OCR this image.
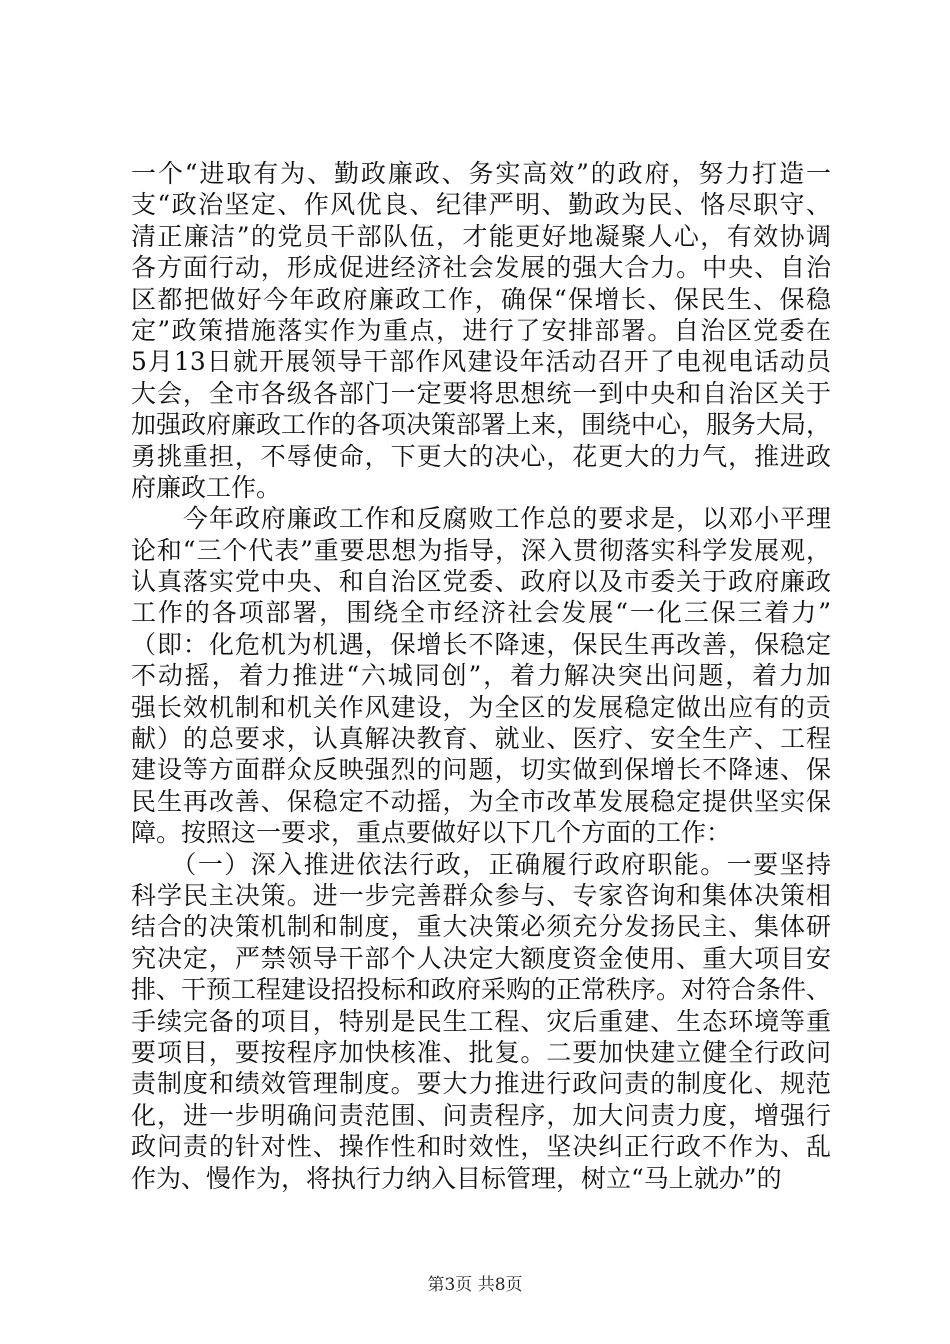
一个“进取有为、勤政廉政、务实高效”的政府，努力打造一
支“政治坚定、作风优良、纪律严明、勤政为民、恪尽职守、
清正廉洁”的党员干部队伍，才能更好地凝聚人心，有效协调
各方面行动，形成促进经济社会发展的强大合力。中央、自治
区都把做好今年政府廉政工作，确保“保增长、保民生、保稳
定”政策措施落实作为重点，进行了安排部署。自治区党委在
5月13日就开展领导干部作风建设年活动召开了电视电话动员
大会，全市各级各部门一定要将思想统一到中央和自治区关于
加强政府廉政工作的各项决策部署上来，围绕中心，服务大局，
勇挑重担，不辱使命，下更大的决心，花更大的力气，推进政
府廉政工作。
　　今年政府廉政工作和反腐败工作总的要求是，以邓小平理
论和“三个代表”重要思想为指导，深入贯彻落实科学发展观，
认真落实党中央、和自治区党委、政府以及市委关于政府廉政
工作的各项部署，围绕全市经济社会发展“一化三保三着力”
（即：化危机为机遇，保增长不降速，保民生再改善，保稳定
不动摇，着力推进“六城同创”，着力解决突出问题，着力加
强长效机制和机关作风建设，为全区的发展稳定做出应有的贡
献）的总要求，认真解决教育、就业、医疗、安全生产、工程
建设等方面群众反映强烈的问题，切实做到保增长不降速、保
民生再改善、保稳定不动摇，为全市改革发展稳定提供坚实保
障。按照这一要求，重点要做好以下几个方面的工作：
　　（一）深入推进依法行政，正确履行政府职能。一要坚持
科学民主决策。进一步完善群众参与、专家咨询和集体决策相
结合的决策机制和制度，重大决策必须充分发扬民主、集体研
究决定，严禁领导干部个人决定大额度资金使用、重大项目安
排、干预工程建设招投标和政府采购的正常秩序。对符合条件、
手续完备的项目，特别是民生工程、灾后重建、生态环境等重
要项目，要按程序加快核准、批复。二要加快建立健全行政问
责制度和绩效管理制度。要大力推进行政问责的制度化、规范
化，进一步明确问责范围、问责程序，加大问责力度，增强行
政问责的针对性、操作性和时效性，坚决纠正行政不作为、乱
作为、慢作为，将执行力纳入目标管理，树立“马上就办”的
第3页 共8页
